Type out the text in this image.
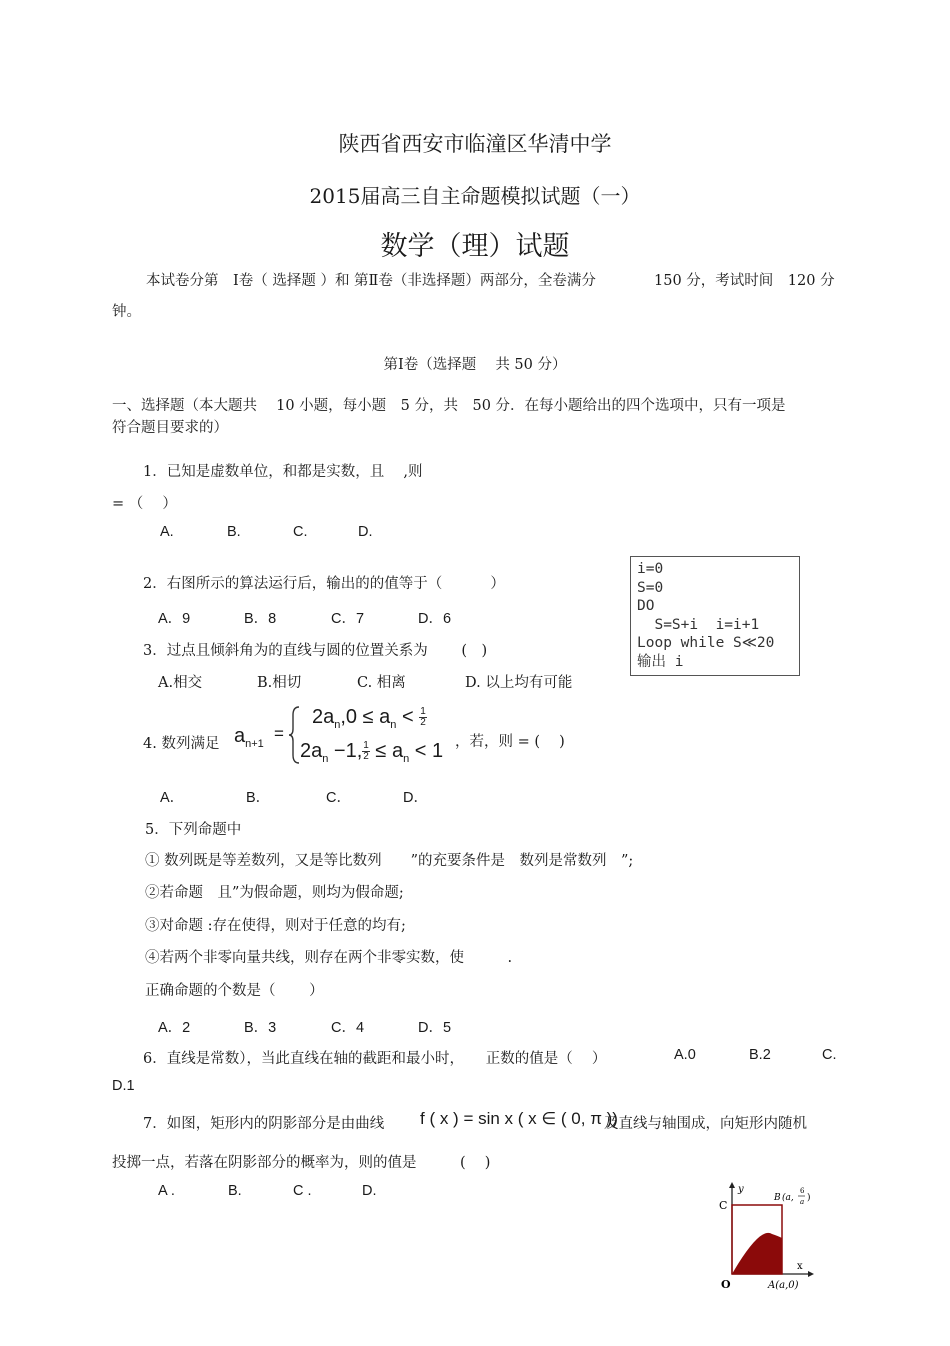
陕西省西安市临潼区华清中学
2015届高三自主命题模拟试题（一）
数学（理）试题
本试卷分第　Ⅰ卷（ 选择题 ）和 第Ⅱ卷（非选择题）两部分，全卷满分	150 分，考试时间　120 分
钟。
第Ⅰ卷（选择题　 共 50 分）
一、选择题（本大题共　 10 小题，每小题　5 分，共　50 分．在每小题给出的四个选项中，只有一项是
符合题目要求的）
1．已知是虚数单位，和都是实数，且　 ,则
= （　 ）
A.	B.	C.	D.
2．右图所示的算法运行后，输出的的值等于（　　　 ）
A．9	B．8	C．7	D．6
i=0
S=0
DO
S=S+i  i=i+1
Loop while S≪20
输出 i
3．过点且倾斜角为的直线与圆的位置关系为　　 (　)
A.相交	B.相切	C. 相离	D. 以上均有可能
4. 数列满足 $a_{n+1}$
=
$2a_n,0 \le a_n < \frac{1}{2}$
$2a_n -1$, $\frac{1}{2} \le a_n < 1$ ，若，则 = (　 )
A．	B．	C．	D．
5．下列命题中
① 数列既是等差数列，又是等比数列　　”的充要条件是　数列是常数列　”;
②若命题　且”为假命题，则均为假命题;
③对命题 :存在使得，则对于任意的均有;
④若两个非零向量共线，则存在两个非零实数，使　　　.
正确命题的个数是（　　 ）
A．2	B．3	C．4	D．5
6．直线是常数），当此直线在轴的截距和最小时，　　正数的值是（　 ）	A.0	B.2	C.
D.1
7．如图，矩形内的阴影部分是由曲线 f ( x ) = sin x ( x ∈ ( 0, π ))
及直线与轴围成，向矩形内随机
投掷一点，若落在阴影部分的概率为，则的值是　　　(　 )
A .	B.	C .	D.	y
x
O
C
B (a,
6
a )
A(a,0)
